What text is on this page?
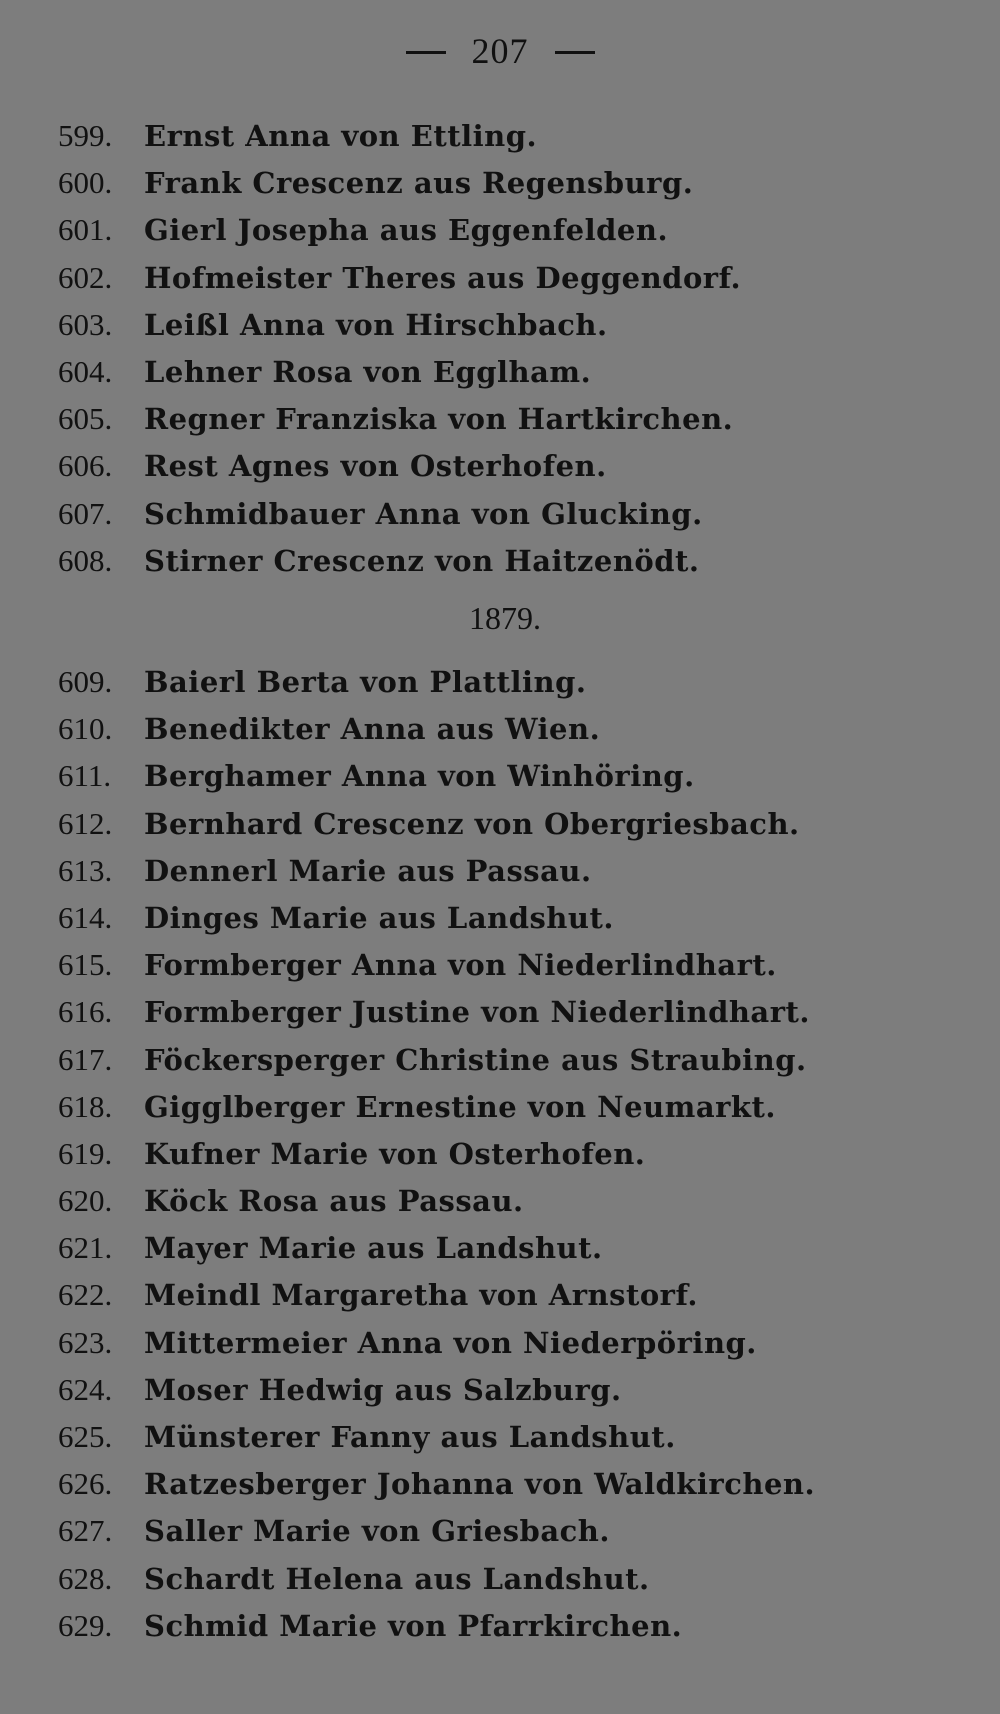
207
599. Ernst Anna von Ettling.
600. Frank Crescenz aus Regensburg.
601. Gierl Josepha aus Eggenfelden.
602. Hofmeister Theres aus Deggendorf.
603. Leißl Anna von Hirschbach.
604. Lehner Rosa von Egglham.
605. Regner Franziska von Hartkirchen.
606. Rest Agnes von Osterhofen.
607. Schmidbauer Anna von Glucking.
608. Stirner Crescenz von Haitzenödt.
1879.
609. Baierl Berta von Plattling.
610. Benedikter Anna aus Wien.
611. Berghamer Anna von Winhöring.
612. Bernhard Crescenz von Obergriesbach.
613. Dennerl Marie aus Passau.
614. Dinges Marie aus Landshut.
615. Formberger Anna von Niederlindhart.
616. Formberger Justine von Niederlindhart.
617. Föckersperger Christine aus Straubing.
618. Gigglberger Ernestine von Neumarkt.
619. Kufner Marie von Osterhofen.
620. Köck Rosa aus Passau.
621. Mayer Marie aus Landshut.
622. Meindl Margaretha von Arnstorf.
623. Mittermeier Anna von Niederpöring.
624. Moser Hedwig aus Salzburg.
625. Münsterer Fanny aus Landshut.
626. Ratzesberger Johanna von Waldkirchen.
627. Saller Marie von Griesbach.
628. Schardt Helena aus Landshut.
629. Schmid Marie von Pfarrkirchen.
